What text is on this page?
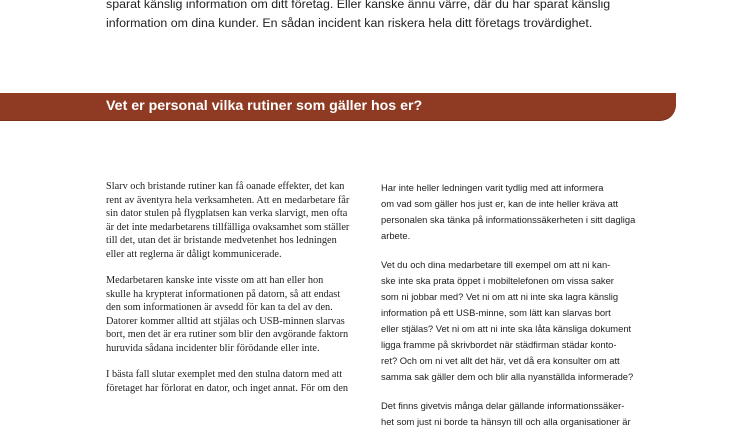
sparat känslig information om ditt företag. Eller kanske ännu värre, där du har sparat känslig
information om dina kunder. En sådan incident kan riskera hela ditt företags trovärdighet.

Vet er personal vilka rutiner som gäller hos er?

Slarv och bristande rutiner kan få oanade effekter, det kan
rent av äventyra hela verksamheten. Att en medarbetare får
sin dator stulen på flygplatsen kan verka slarvigt, men ofta
är det inte medarbetarens tillfälliga ovaksamhet som ställer
till det, utan det är bristande medvetenhet hos ledningen
eller att reglerna är dåligt kommunicerade.

Medarbetaren kanske inte visste om att han eller hon
skulle ha krypterat informationen på datorn, så att endast
den som informationen är avsedd för kan ta del av den.
Datorer kommer alltid att stjälas och USB-minnen slarvas
bort, men det är era rutiner som blir den avgörande faktorn
huruvida sådana incidenter blir förödande eller inte.

I bästa fall slutar exemplet med den stulna datorn med att
företaget har förlorat en dator, och inget annat. För om den

Har inte heller ledningen varit tydlig med att informera
om vad som gäller hos just er, kan de inte heller kräva att
personalen ska tänka på informationssäkerheten i sitt dagliga
arbete.

Vet du och dina medarbetare till exempel om att ni kan-
ske inte ska prata öppet i mobiltelefonen om vissa saker
som ni jobbar med? Vet ni om att ni inte ska lagra känslig
information på ett USB-minne, som lätt kan slarvas bort
eller stjälas? Vet ni om att ni inte ska låta känsliga dokument
ligga framme på skrivbordet när städfirman städar konto-
ret? Och om ni vet allt det här, vet då era konsulter om att
samma sak gäller dem och blir alla nyanställda informerade?

Det finns givetvis många delar gällande informationssäker-
het som just ni borde ta hänsyn till och alla organisationer är
